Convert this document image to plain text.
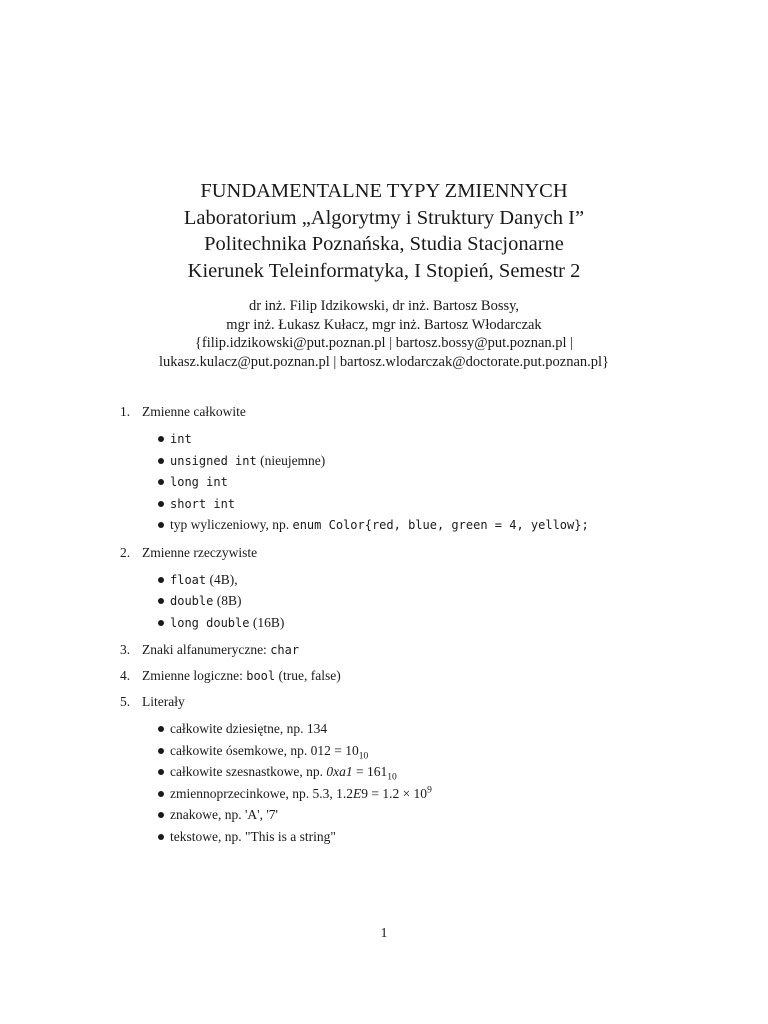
FUNDAMENTALNE TYPY ZMIENNYCH
Laboratorium „Algorytmy i Struktury Danych I”
Politechnika Poznańska, Studia Stacjonarne
Kierunek Teleinformatyka, I Stopień, Semestr 2
dr inż. Filip Idzikowski, dr inż. Bartosz Bossy,
mgr inż. Łukasz Kułacz, mgr inż. Bartosz Włodarczak
{filip.idzikowski@put.poznan.pl | bartosz.bossy@put.poznan.pl |
lukasz.kulacz@put.poznan.pl | bartosz.wlodarczak@doctorate.put.poznan.pl}
1. Zmienne całkowite
int
unsigned int (nieujemne)
long int
short int
typ wyliczeniowy, np. enum Color{red, blue, green = 4, yellow};
2. Zmienne rzeczywiste
float (4B),
double (8B)
long double (16B)
3. Znaki alfanumeryczne: char
4. Zmienne logiczne: bool (true, false)
5. Literały
całkowite dziesiętne, np. 134
całkowite ósemkowe, np. $012 = 10_{10}$
całkowite szesnastkowe, np. $0xa1 = 161_{10}$
zmiennoprzecinkowe, np. 5.3, $1.2E9 = 1.2 \times 10^9$
znakowe, np. 'A', '7'
tekstowe, np. "This is a string"
1
